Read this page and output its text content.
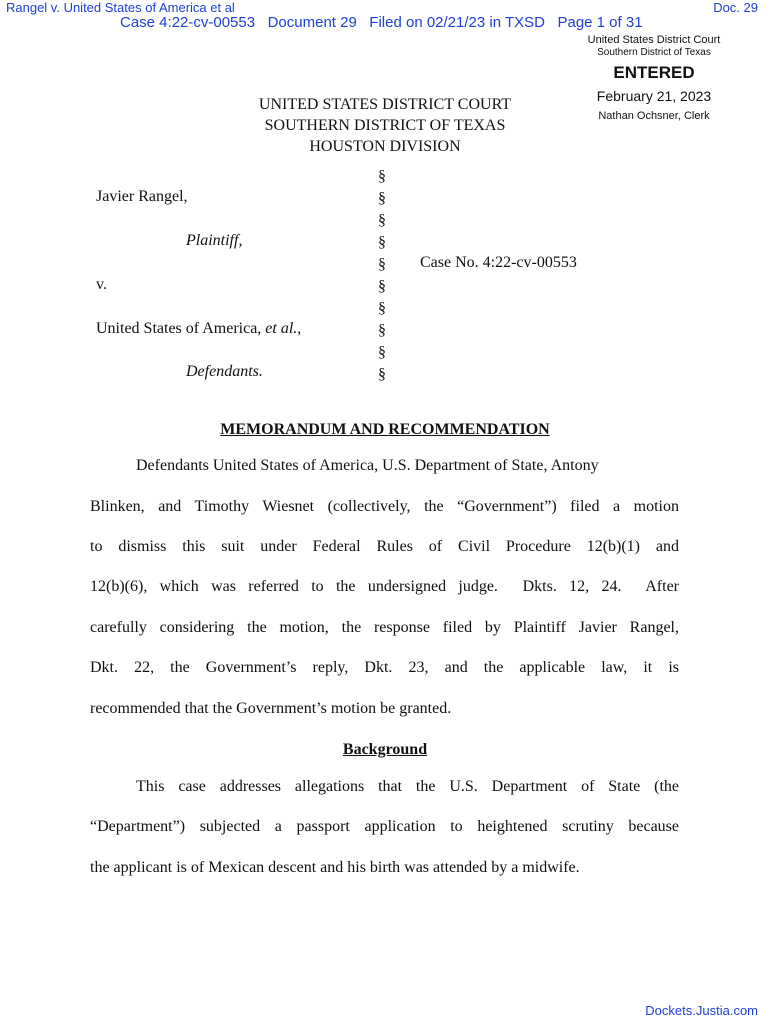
Rangel v. United States of America et al	Doc. 29
Case 4:22-cv-00553   Document 29   Filed on 02/21/23 in TXSD   Page 1 of 31
United States District Court
Southern District of Texas
ENTERED
February 21, 2023
Nathan Ochsner, Clerk
UNITED STATES DISTRICT COURT
SOUTHERN DISTRICT OF TEXAS
HOUSTON DIVISION
Javier Rangel,
Plaintiff,
v.
United States of America, et al.,
Defendants.
§
§
§
§
§
§
§
§
§
§
Case No. 4:22-cv-00553
MEMORANDUM AND RECOMMENDATION
Defendants United States of America, U.S. Department of State, Antony
Blinken, and Timothy Wiesnet (collectively, the “Government”) filed a motion
to dismiss this suit under Federal Rules of Civil Procedure 12(b)(1) and
12(b)(6), which was referred to the undersigned judge.  Dkts. 12, 24.  After
carefully considering the motion, the response filed by Plaintiff Javier Rangel,
Dkt. 22, the Government’s reply, Dkt. 23, and the applicable law, it is
recommended that the Government’s motion be granted.
Background
This case addresses allegations that the U.S. Department of State (the
“Department”) subjected a passport application to heightened scrutiny because
the applicant is of Mexican descent and his birth was attended by a midwife.
Dockets.Justia.com
